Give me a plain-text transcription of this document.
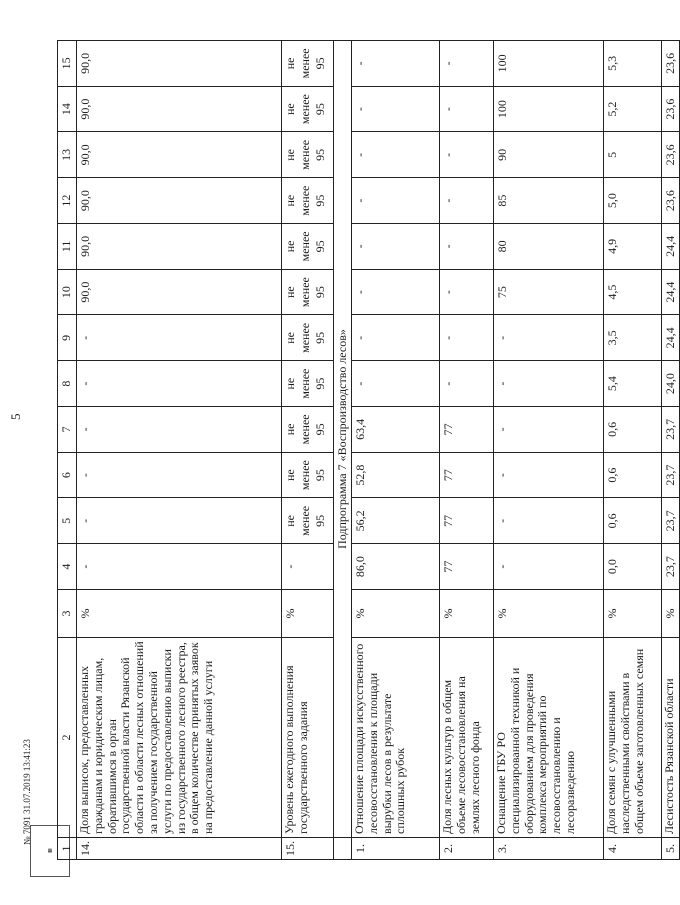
5
▦
№ 7091 31.07.2019 13:41:23
1	2	3	4	5	6	7	8	9	10	11	12	13	14	15
14.	Доля выписок, предоставленных гражданам и юридическим лицам, обратившимся в орган государственной власти Рязанской области в области лесных отношений за получением государственной услуги по предоставлению выписки из государственного лесного реестра, в общем количестве принятых заявок на предоставление данной услуги	%	-	-	-	-	-	-	90,0	90,0	90,0	90,0	90,0	90,0
15.	Уровень ежегодного выполнения государственного задания	%	-	не менее 95	не менее 95	не менее 95	не менее 95	не менее 95	не менее 95	не менее 95	не менее 95	не менее 95	не менее 95	не менее 95
	Подпрограмма 7 «Воспроизводство лесов»													
1.	Отношение площади искусственного лесовосстановления к площади вырубки лесов в результате сплошных рубок	%	86,0	56,2	52,8	63,4	-	-	-	-	-	-	-	-
2.	Доля лесных культур в общем объеме лесовосстановления на землях лесного фонда	%	77	77	77	77	-	-	-	-	-	-	-	-
3.	Оснащение ГБУ РО специализированной техникой и оборудованием для проведения комплекса мероприятий по лесовосстановлению и лесоразведению	%	-	-	-	-	-	-	75	80	85	90	100	100
4.	Доля семян с улучшенными наследственными свойствами в общем объеме заготовленных семян	%	0,0	0,6	0,6	0,6	5,4	3,5	4,5	4,9	5,0	5	5,2	5,3
5.	Лесистость Рязанской области	%	23,7	23,7	23,7	23,7	24,0	24,4	24,4	24,4	23,6	23,6	23,6	23,6
